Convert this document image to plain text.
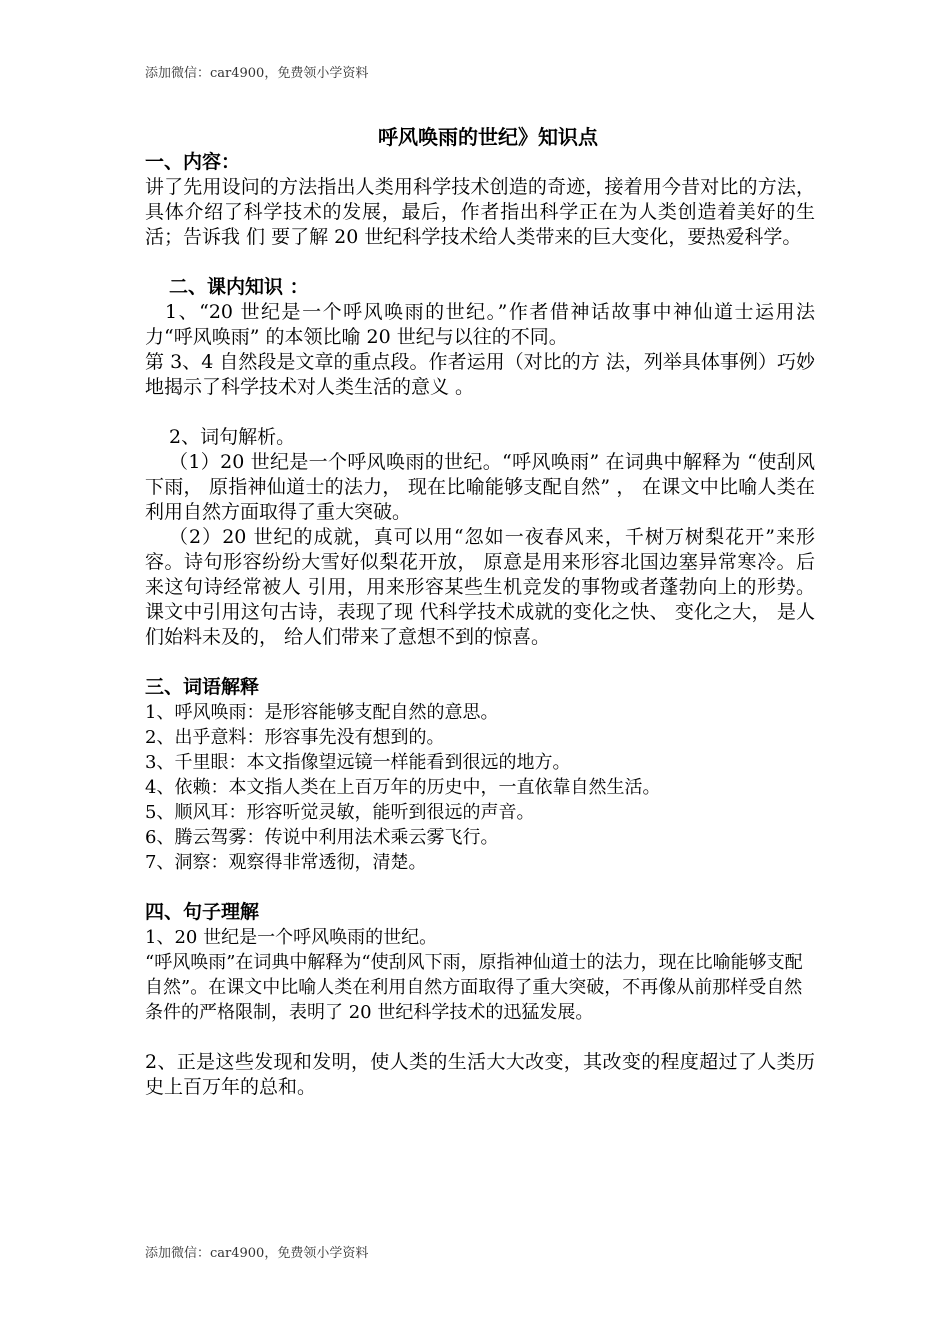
添加微信：car4900，免费领小学资料
呼风唤雨的世纪》知识点
一、内容：

讲了先用设问的方法指出人类用科学技术创造的奇迹，接着用今昔对比的方法， 具体介绍了科学技术的发展，最后，作者指出科学正在为人类创造着美好的生活；告诉我 们 要了解 20 世纪科学技术给人类带来的巨大变化，要热爱科学。

二、课内知识 ：

1、“20 世纪是一个呼风唤雨的世纪。”作者借神话故事中神仙道士运用法力“呼风唤雨” 的本领比喻 20 世纪与以往的不同。

第 3、4 自然段是文章的重点段。作者运用（对比的方 法，列举具体事例）巧妙地揭示了科学技术对人类生活的意义 。

2、词句解析。

（1）20 世纪是一个呼风唤雨的世纪。“呼风唤雨” 在词典中解释为 “使刮风下雨， 原指神仙道士的法力， 现在比喻能够支配自然” ， 在课文中比喻人类在利用自然方面取得了重大突破。

（2）20 世纪的成就，真可以用“忽如一夜春风来，千树万树梨花开”来形容。诗句形容纷纷大雪好似梨花开放， 原意是用来形容北国边塞异常寒冷。后来这句诗经常被人 引用，用来形容某些生机竞发的事物或者蓬勃向上的形势。课文中引用这句古诗，表现了现 代科学技术成就的变化之快、 变化之大， 是人们始料未及的， 给人们带来了意想不到的惊喜。

三、词语解释

1、呼风唤雨：是形容能够支配自然的意思。

2、出乎意料：形容事先没有想到的。

3、千里眼：本文指像望远镜一样能看到很远的地方。

4、依赖：本文指人类在上百万年的历史中，一直依靠自然生活。

5、顺风耳：形容听觉灵敏，能听到很远的声音。

6、腾云驾雾：传说中利用法术乘云雾飞行。

7、洞察：观察得非常透彻，清楚。

四、句子理解

1、20 世纪是一个呼风唤雨的世纪。

“呼风唤雨”在词典中解释为“使刮风下雨，原指神仙道士的法力，现在比喻能够支配自然”。在课文中比喻人类在利用自然方面取得了重大突破，不再像从前那样受自然条件的严格限制，表明了 20 世纪科学技术的迅猛发展。

2、正是这些发现和发明，使人类的生活大大改变，其改变的程度超过了人类历史上百万年的总和。

添加微信：car4900，免费领小学资料
